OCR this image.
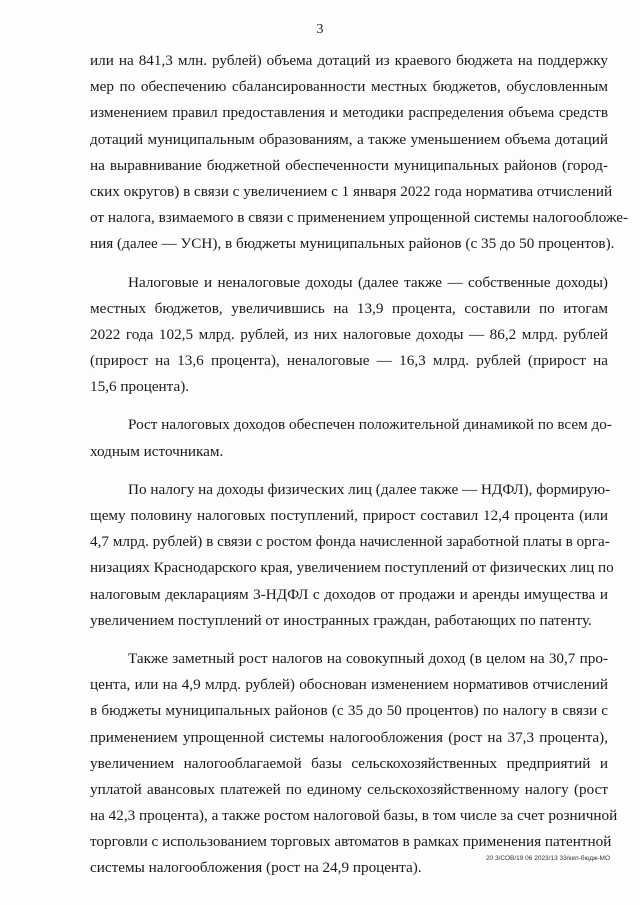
3
или на 841,3 млн. рублей) объема дотаций из краевого бюджета на поддержку
мер по обеспечению сбалансированности местных бюджетов, обусловленным
изменением правил предоставления и методики распределения объема средств
дотаций муниципальным образованиям, а также уменьшением объема дотаций
на выравнивание бюджетной обеспеченности муниципальных районов (город-
ских округов) в связи с увеличением с 1 января 2022 года норматива отчислений
от налога, взимаемого в связи с применением упрощенной системы налогообложе-
ния (далее — УСН), в бюджеты муниципальных районов (с 35 до 50 процентов).
Налоговые и неналоговые доходы (далее также — собственные доходы)
местных бюджетов, увеличившись на 13,9 процента, составили по итогам
2022 года 102,5 млрд. рублей, из них налоговые доходы — 86,2 млрд. рублей
(прирост на 13,6 процента), неналоговые — 16,3 млрд. рублей (прирост на
15,6 процента).
Рост налоговых доходов обеспечен положительной динамикой по всем до-
ходным источникам.
По налогу на доходы физических лиц (далее также — НДФЛ), формирую-
щему половину налоговых поступлений, прирост составил 12,4 процента (или
4,7 млрд. рублей) в связи с ростом фонда начисленной заработной платы в орга-
низациях Краснодарского края, увеличением поступлений от физических лиц по
налоговым декларациям 3-НДФЛ с доходов от продажи и аренды имущества и
увеличением поступлений от иностранных граждан, работающих по патенту.
Также заметный рост налогов на совокупный доход (в целом на 30,7 про-
цента, или на 4,9 млрд. рублей) обоснован изменением нормативов отчислений
в бюджеты муниципальных районов (с 35 до 50 процентов) по налогу в связи с
применением упрощенной системы налогообложения (рост на 37,3 процента),
увеличением налогооблагаемой базы сельскохозяйственных предприятий и
уплатой авансовых платежей по единому сельскохозяйственному налогу (рост
на 42,3 процента), а также ростом налоговой базы, в том числе за счет розничной
торговли с использованием торговых автоматов в рамках применения патентной
системы налогообложения (рост на 24,9 процента).
20 3/СОВ/19 06 2023/13 33/кеп-бюдж-МО
